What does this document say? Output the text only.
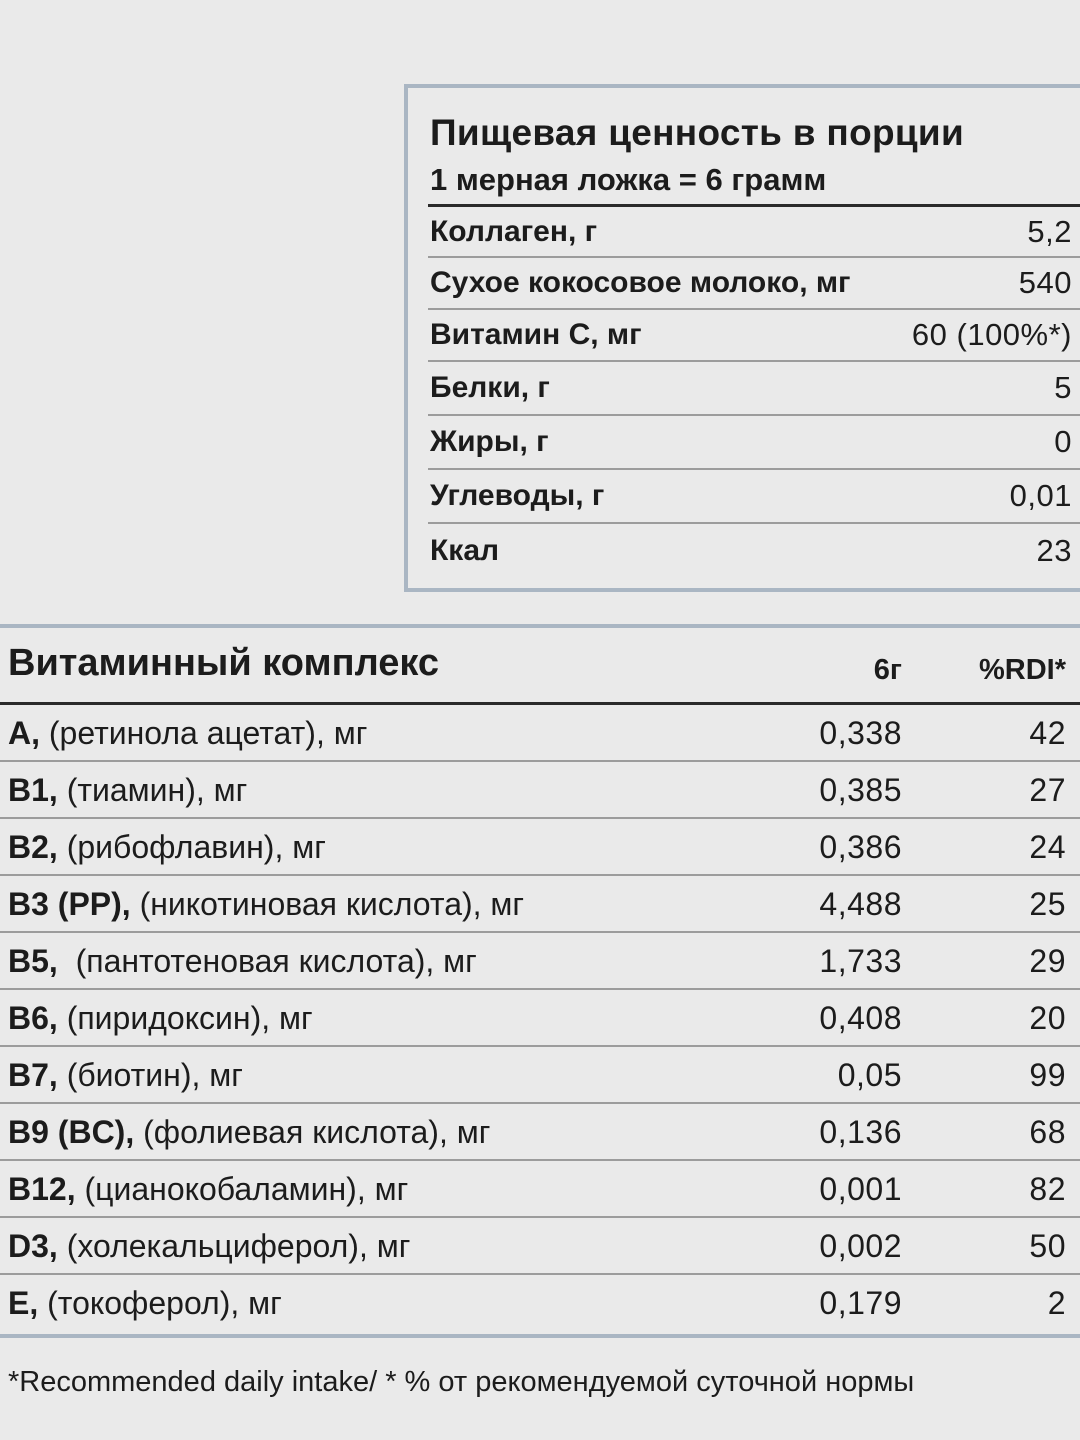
Пищевая ценность в порции
1 мерная ложка = 6 грамм
Коллаген, г	5,2
Сухое кокосовое молоко, мг	540
Витамин С, мг	60 (100%*)
Белки, г	5
Жиры, г	0
Углеводы, г	0,01
Ккал	23
Витаминный комплекс	6г	%RDI*
A, (ретинола ацетат), мг	0,338	42
B1, (тиамин), мг	0,385	27
B2, (рибофлавин), мг	0,386	24
B3 (PP), (никотиновая кислота), мг	4,488	25
B5,  (пантотеновая кислота), мг	1,733	29
B6, (пиридоксин), мг	0,408	20
B7, (биотин), мг	0,05	99
B9 (BC), (фолиевая кислота), мг	0,136	68
B12, (цианокобаламин), мг	0,001	82
D3, (холекальциферол), мг	0,002	50
E, (токоферол), мг	0,179	2
*Recommended daily intake/ * % от рекомендуемой суточной нормы
